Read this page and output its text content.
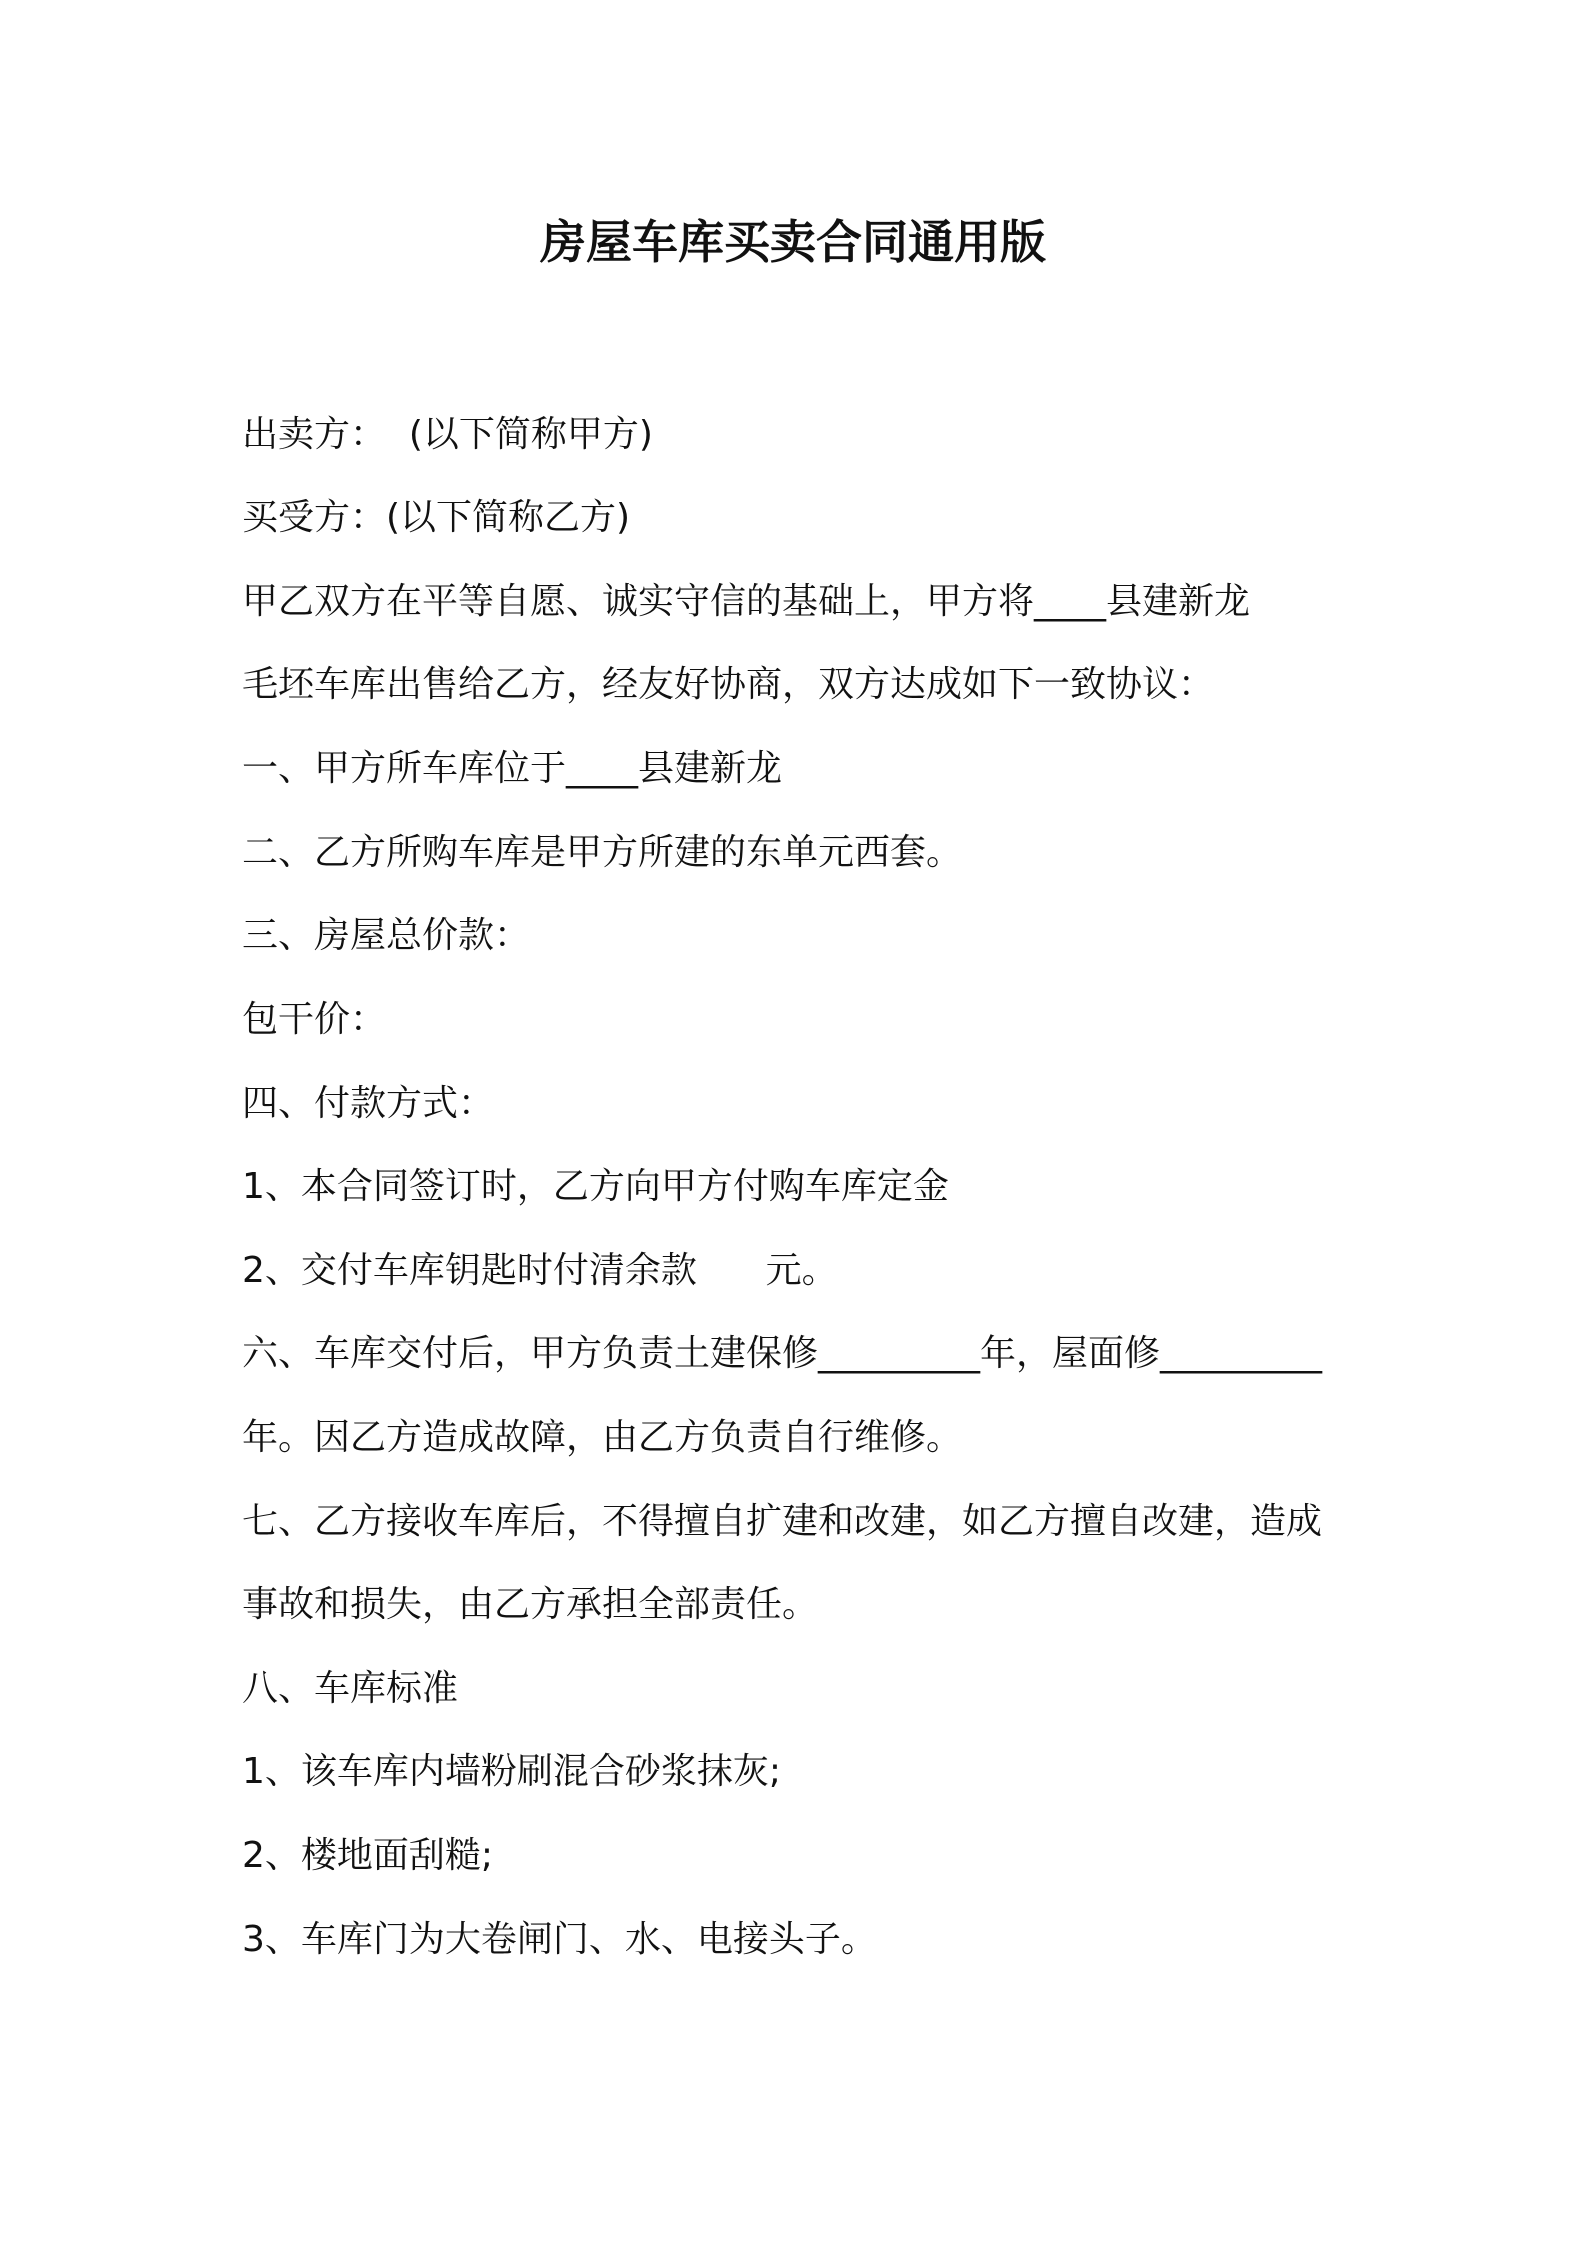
房屋车库买卖合同通用版
出卖方：  (以下简称甲方)
买受方：(以下简称乙方)
甲乙双方在平等自愿、诚实守信的基础上，甲方将____县建新龙
毛坯车库出售给乙方，经友好协商，双方达成如下一致协议：
一、甲方所车库位于____县建新龙
二、乙方所购车库是甲方所建的东单元西套。
三、房屋总价款：
包干价：
四、付款方式：
1、本合同签订时，乙方向甲方付购车库定金
2、交付车库钥匙时付清余款      元。
六、车库交付后，甲方负责土建保修_________年，屋面修_________
年。因乙方造成故障，由乙方负责自行维修。
七、乙方接收车库后，不得擅自扩建和改建，如乙方擅自改建，造成
事故和损失，由乙方承担全部责任。
八、车库标准
1、该车库内墙粉刷混合砂浆抹灰;
2、楼地面刮糙;
3、车库门为大卷闸门、水、电接头子。
